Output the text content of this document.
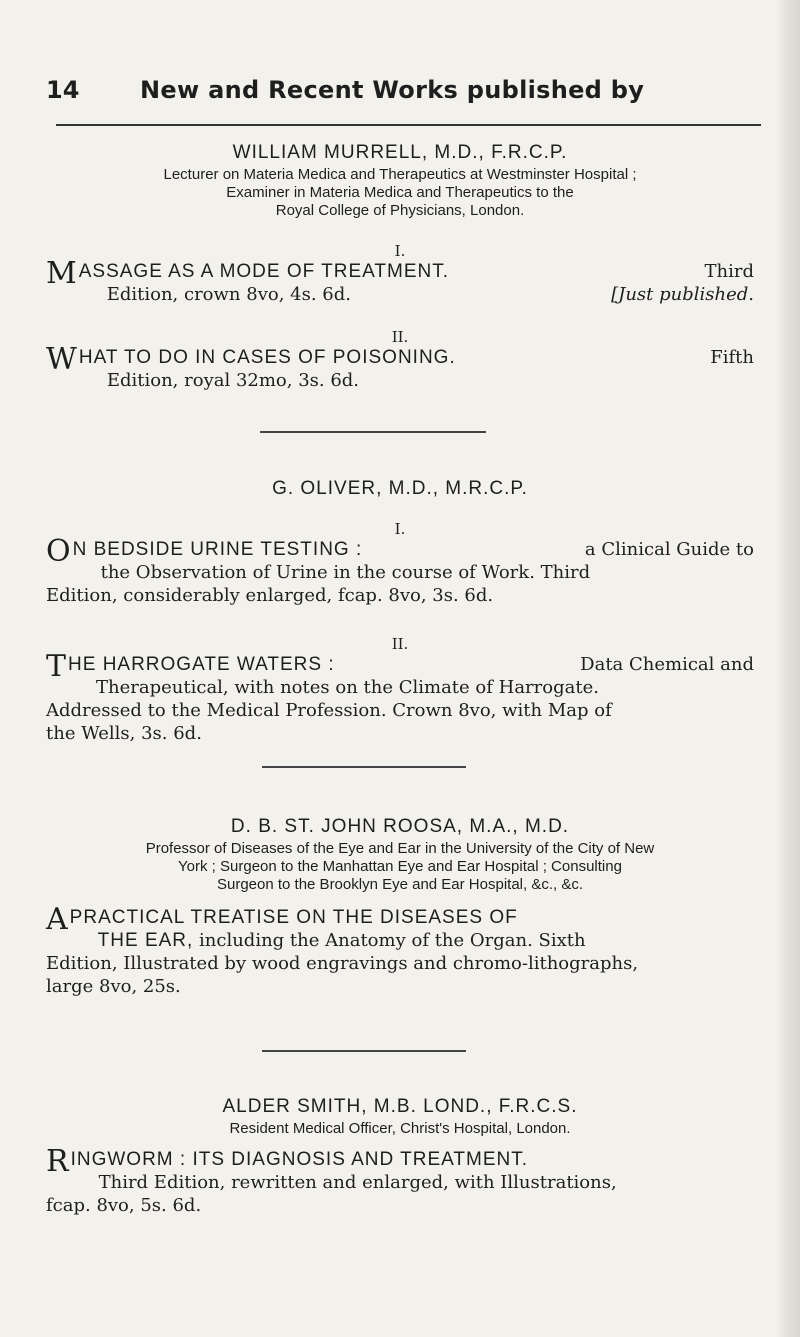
14	New and Recent Works published by

WILLIAM MURRELL, M.D., F.R.C.P.

Lecturer on Materia Medica and Therapeutics at Westminster Hospital ;
Examiner in Materia Medica and Therapeutics to the
Royal College of Physicians, London.

I.

M ASSAGE AS A MODE OF TREATMENT.	Third

Edition, crown 8vo, 4s. 6d.	[Just published.

II.

W HAT TO DO IN CASES OF POISONING.	Fifth

Edition, royal 32mo, 3s. 6d.

G. OLIVER, M.D., M.R.C.P.

I.

O N BEDSIDE URINE TESTING :	a Clinical Guide to

the Observation of Urine in the course of Work. Third
Edition, considerably enlarged, fcap. 8vo, 3s. 6d.

II.

T HE HARROGATE WATERS :	Data Chemical and

Therapeutical, with notes on the Climate of Harrogate.
Addressed to the Medical Profession. Crown 8vo, with Map of
the Wells, 3s. 6d.

D. B. ST. JOHN ROOSA, M.A., M.D.

Professor of Diseases of the Eye and Ear in the University of the City of New
York ; Surgeon to the Manhattan Eye and Ear Hospital ; Consulting
Surgeon to the Brooklyn Eye and Ear Hospital, &c., &c.

A PRACTICAL TREATISE ON THE DISEASES OF
THE EAR, including the Anatomy of the Organ. Sixth
Edition, Illustrated by wood engravings and chromo-lithographs,
large 8vo, 25s.

ALDER SMITH, M.B. LOND., F.R.C.S.

Resident Medical Officer, Christ's Hospital, London.

R INGWORM : ITS DIAGNOSIS AND TREATMENT.
Third Edition, rewritten and enlarged, with Illustrations,
fcap. 8vo, 5s. 6d.
